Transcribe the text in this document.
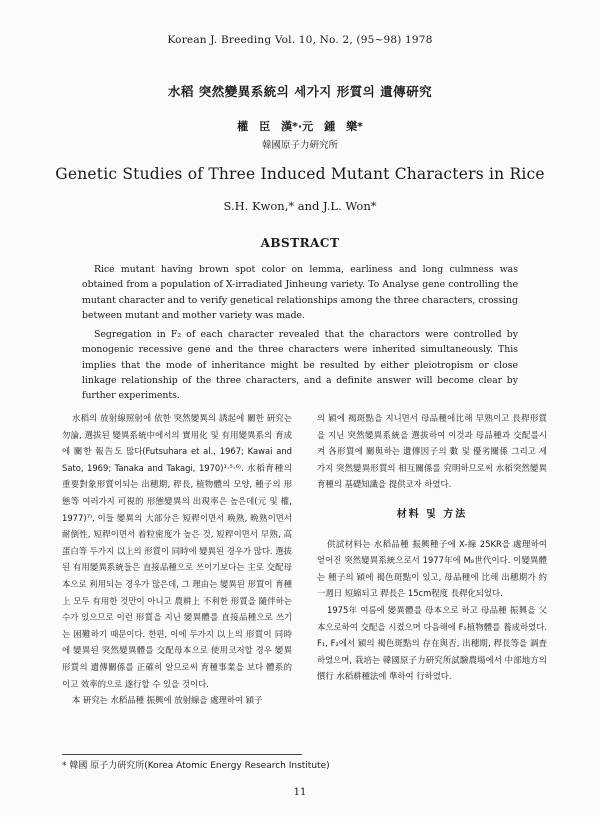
Korean J. Breeding Vol. 10, No. 2, (95~98) 1978
水稻 突然變異系統의 세가지 形質의 遺傳硏究
權　臣　漢*·元　鍾　樂*
韓國原子力硏究所
Genetic Studies of Three Induced Mutant Characters in Rice
S.H. Kwon,* and J.L. Won*
ABSTRACT

Rice mutant having brown spot color on lemma, earliness and long culmness was obtained from a population of X-irradiated Jinheung variety. To Analyse gene controlling the mutant character and to verify genetical relationships among the three characters, crossing between mutant and mother variety was made.

Segregation in F₂ of each character revealed that the charactors were controlled by monogenic recessive gene and the three characters were inherited simultaneously. This implies that the mode of inheritance might be resulted by either pleiotropism or close linkage relationship of the three characters, and a definite answer will become clear by further experiments.

水稻의 放射線照射에 依한 突然變異의 誘起에 關한 硏究는 勿論, 選拔된 變異系統中에서의 實用化 및 有用變異系의 育成에 關한 報告도 많다(Futsuhara et al., 1967; Kawai and Sato, 1969; Tanaka and Takagi, 1970)¹·⁵·⁶⁾. 水稻育種의 重要對象形質이되는 出穗期, 稈長, 植物體의 모양, 種子의 形態等 여러가지 可視的 形態變異의 出現率은 높은데(元 및 權, 1977)⁷⁾, 이들 變異의 大部分은 短稈이면서 晩熟, 晩熟이면서 耐倒性, 短稈이면서 着粒密度가 높은 것, 短稈이면서 早熟, 高蛋白等 두가지 以上의 形質이 同時에 變異된 경우가 많다. 選拔된 有用變異系統들은 直接品種으로 쓰이기보다는 主로 交配母本으로 利用되는 경우가 많은데, 그 理由는 變異된 形質이 育種上 모두 有用한 것만이 아니고 農耕上 不利한 形質을 隨伴하는 수가 있으므로 이런 形質을 지닌 變異體를 直接品種으로 쓰기는 困難하기 때문이다. 한편, 이에 두가지 以上의 形質이 同時에 變異된 突然變異體를 交配母本으로 使用코저할 경우 變異形質의 遺傳關係를 正確히 알므로써 育種事業을 보다 體系的이고 效率的으로 遂行할 수 있을 것이다.

本 硏究는 水稻品種 振興에 放射線을 處理하여 穎子

의 穎에 褐斑點을 지니면서 母品種에比해 早熟이고 長稈形質을 지닌 突然變異系統을 選拔하여 이것과 母品種과 交配를시켜 各形質에 關與하는 遺傳因子의 數 및 優劣關係 그리고 세 가지 突然變異形質의 相互關係를 究明하므로써 水稻突然變異育種의 基礎知識을 提供코자 하였다.

材料 및 方法

供試材料는 水稻品種 振興種子에 X-線 25KR을 處理하여 얻어진 突然變異系統으로서 1977年에 M₈世代이다. 이變異體는 種子의 穎에 褐色斑點이 있고, 母品種에 比해 出穗期가 約一週日 短縮되고 稈長은 15cm程度 長稈化되었다.

1975年 여름에 變異體를 母本으로 하고 母品種 振興을 父本으로하여 交配을 시켰으며 다음해에 F₁植物體를 養成하였다. F₁, F₂에서 穎의 褐色斑點의 存在與否, 出穗期, 稈長等을 調査하였으며, 栽培는 韓國原子力硏究所試驗農場에서 中部地方의 慣行 水稻耕種法에 準하여 行하였다.

* 韓國 原子力硏究所(Korea Atomic Energy Research Institute)
11
